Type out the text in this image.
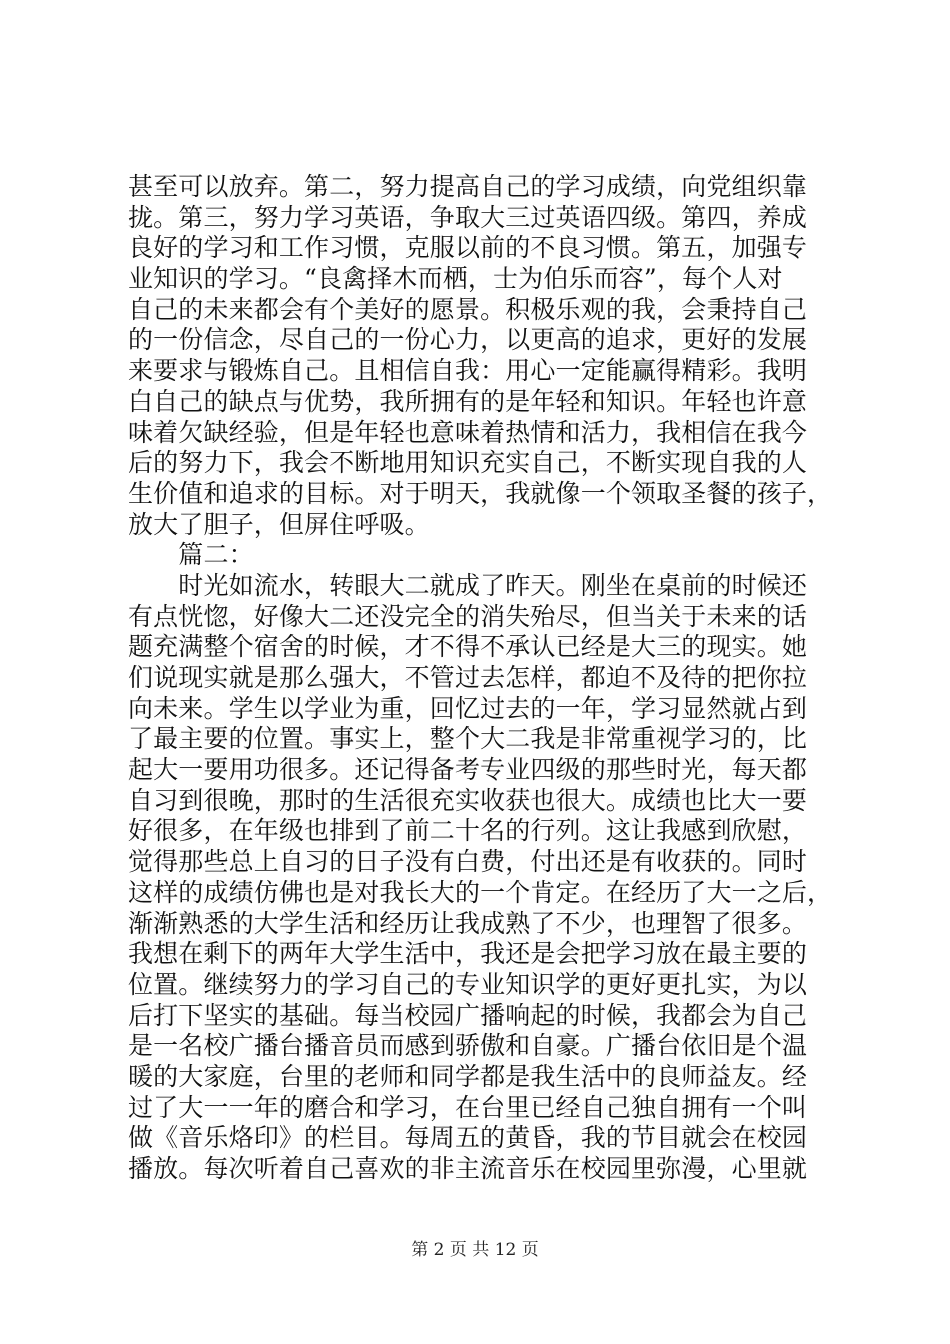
甚至可以放弃。第二，努力提高自己的学习成绩，向党组织靠
拢。第三，努力学习英语，争取大三过英语四级。第四，养成
良好的学习和工作习惯，克服以前的不良习惯。第五，加强专
业知识的学习。“良禽择木而栖，士为伯乐而容”，每个人对
自己的未来都会有个美好的愿景。积极乐观的我，会秉持自己
的一份信念，尽自己的一份心力，以更高的追求，更好的发展
来要求与锻炼自己。且相信自我：用心一定能赢得精彩。我明
白自己的缺点与优势，我所拥有的是年轻和知识。年轻也许意
味着欠缺经验，但是年轻也意味着热情和活力，我相信在我今
后的努力下，我会不断地用知识充实自己，不断实现自我的人
生价值和追求的目标。对于明天，我就像一个领取圣餐的孩子，
放大了胆子，但屏住呼吸。
　　篇二：
　　时光如流水，转眼大二就成了昨天。刚坐在桌前的时候还
有点恍惚，好像大二还没完全的消失殆尽，但当关于未来的话
题充满整个宿舍的时候，才不得不承认已经是大三的现实。她
们说现实就是那么强大，不管过去怎样，都迫不及待的把你拉
向未来。学生以学业为重，回忆过去的一年，学习显然就占到
了最主要的位置。事实上，整个大二我是非常重视学习的，比
起大一要用功很多。还记得备考专业四级的那些时光，每天都
自习到很晚，那时的生活很充实收获也很大。成绩也比大一要
好很多，在年级也排到了前二十名的行列。这让我感到欣慰，
觉得那些总上自习的日子没有白费，付出还是有收获的。同时
这样的成绩仿佛也是对我长大的一个肯定。在经历了大一之后，
渐渐熟悉的大学生活和经历让我成熟了不少，也理智了很多。
我想在剩下的两年大学生活中，我还是会把学习放在最主要的
位置。继续努力的学习自己的专业知识学的更好更扎实，为以
后打下坚实的基础。每当校园广播响起的时候，我都会为自己
是一名校广播台播音员而感到骄傲和自豪。广播台依旧是个温
暖的大家庭，台里的老师和同学都是我生活中的良师益友。经
过了大一一年的磨合和学习，在台里已经自己独自拥有一个叫
做《音乐烙印》的栏目。每周五的黄昏，我的节目就会在校园
播放。每次听着自己喜欢的非主流音乐在校园里弥漫，心里就
第 2 页 共 12 页
